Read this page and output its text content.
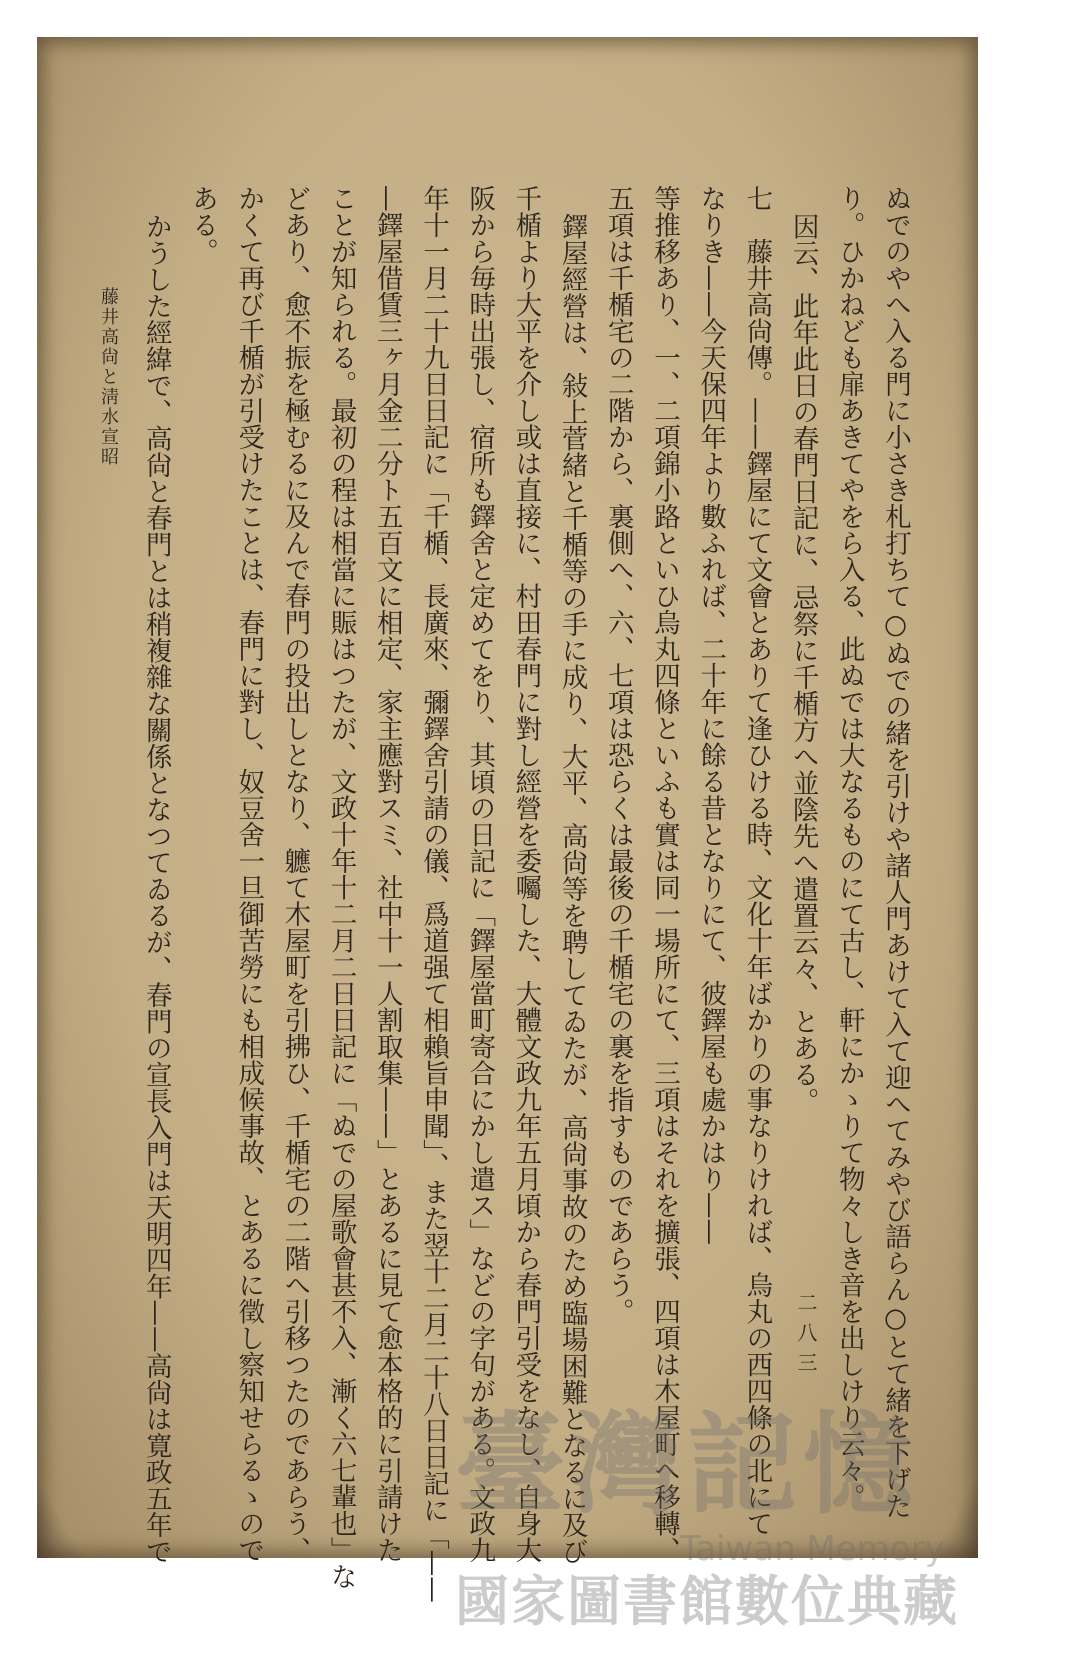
ぬでのやへ入る門に小さき札打ちて○ぬでの緒を引けや諸人門あけて入て迎へてみやび語らん○とて緒を下げた
り。ひかねども扉あきてやをら入る、此ぬでは大なるものにて古し、軒にかゝりて物々しき音を出しけり云々。
因云、此年此日の春門日記に、忌祭に千楯方へ並陰先へ遣置云々、とある。
七　藤井高尙傳。——鐸屋にて文會とありて逢ひける時、文化十年ばかりの事なりければ、烏丸の西四條の北にて
なりき——今天保四年より數ふれば、二十年に餘る昔となりにて、彼鐸屋も處かはり——
等推移あり、一、二項錦小路といひ烏丸四條といふも實は同一場所にて、三項はそれを擴張、四項は木屋町へ移轉、
五項は千楯宅の二階から、裏側へ、六、七項は恐らくは最後の千楯宅の裏を指すものであらう。
鐸屋經營は、敍上菅緒と千楯等の手に成り、大平、高尙等を聘してゐたが、高尙事故のため臨場困難となるに及び
千楯より大平を介し或は直接に、村田春門に對し經營を委囑した、大體文政九年五月頃から春門引受をなし、自身大
阪から毎時出張し、宿所も鐸舍と定めてをり、其頃の日記に「鐸屋當町寄合にかし遣ス」などの字句がある。文政九
年十一月二十九日日記に「千楯、長廣來、彌鐸舍引請の儀、爲道强て相賴旨申聞」、また翌十二月二十八日日記に「——
—鐸屋借賃三ヶ月金二分ト五百文に相定、家主應對スミ、社中十一人割取集——」とあるに見て愈本格的に引請けた
ことが知られる。最初の程は相當に賑はつたが、文政十年十二月二日日記に「ぬでの屋歌會甚不入、漸く六七輩也」な
どあり、愈不振を極むるに及んで春門の投出しとなり、軈て木屋町を引拂ひ、千楯宅の二階へ引移つたのであらう、
かくて再び千楯が引受けたことは、春門に對し、奴豆舍一旦御苦勞にも相成候事故、とあるに徵し察知せらるゝので
ある。
かうした經緯で、高尙と春門とは稍複雜な關係となつてゐるが、春門の宣長入門は天明四年——高尙は寛政五年で
藤井高尙と淸水宣昭
二八三
臺灣記憶
Taiwan Memory
國家圖書館數位典藏
